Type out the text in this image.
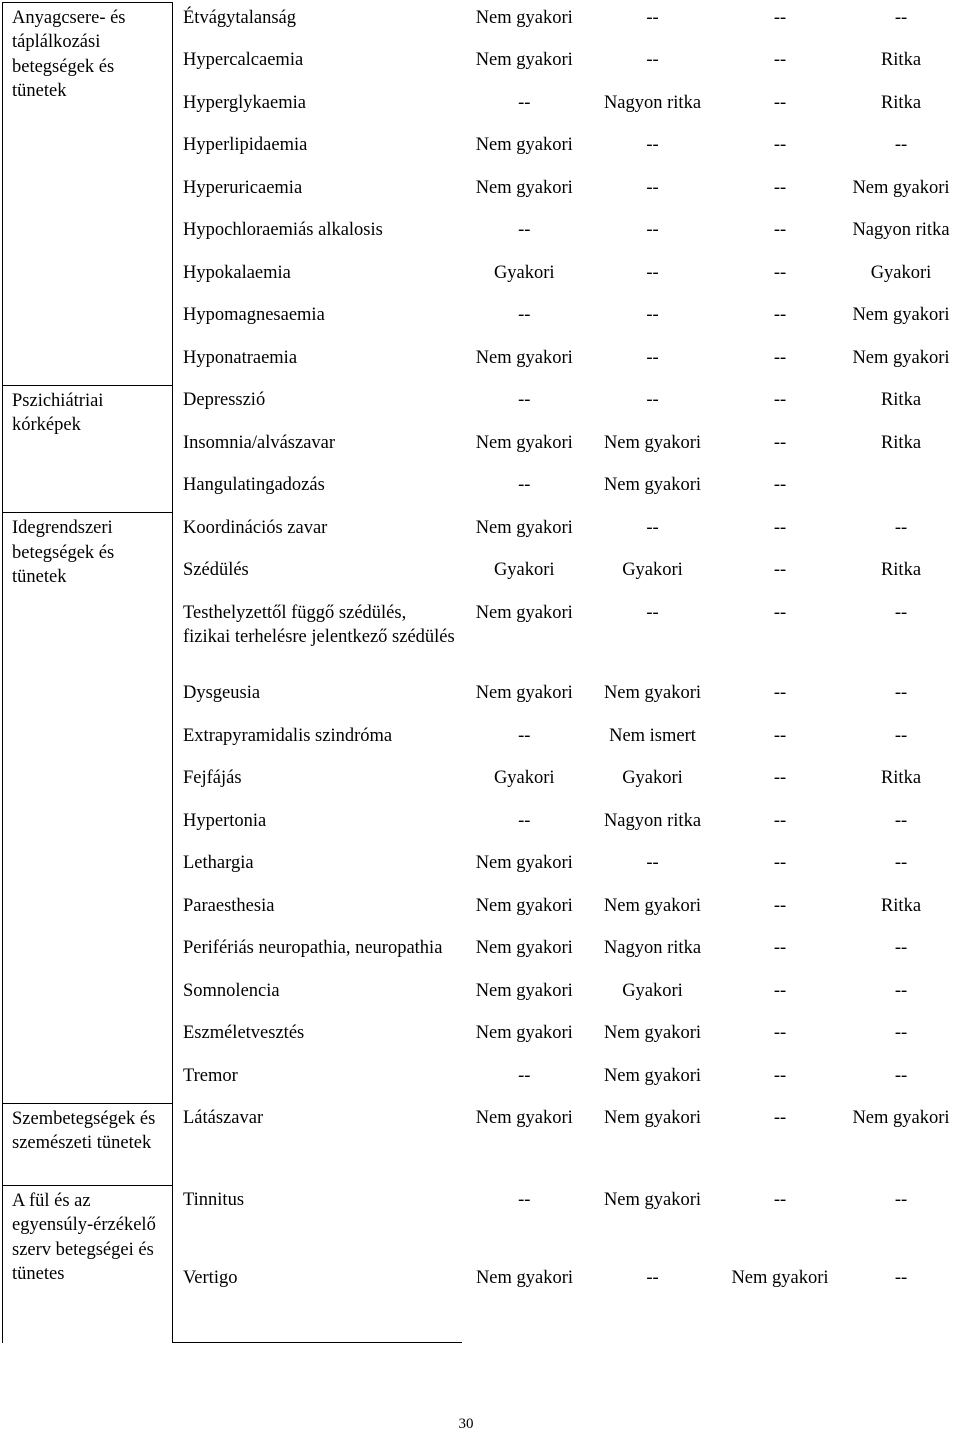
Anyagcsere- és táplálkozási betegségek és tünetek	Étvágytalanság	Nem gyakori	--	--	--
	Hypercalcaemia	Nem gyakori	--	--	Ritka
	Hyperglykaemia	--	Nagyon ritka	--	Ritka
	Hyperlipidaemia	Nem gyakori	--	--	--
	Hyperuricaemia	Nem gyakori	--	--	Nem gyakori
	Hypochloraemiás alkalosis	--	--	--	Nagyon ritka
	Hypokalaemia	Gyakori	--	--	Gyakori
	Hypomagnesaemia	--	--	--	Nem gyakori
	Hyponatraemia	Nem gyakori	--	--	Nem gyakori
Pszichiátriai kórképek	Depresszió	--	--	--	Ritka
	Insomnia/alvászavar	Nem gyakori	Nem gyakori	--	Ritka
	Hangulatingadozás	--	Nem gyakori	--	
Idegrendszeri betegségek és tünetek	Koordinációs zavar	Nem gyakori	--	--	--
	Szédülés	Gyakori	Gyakori	--	Ritka
	Testhelyzettől függő szédülés, fizikai terhelésre jelentkező szédülés	Nem gyakori	--	--	--
	Dysgeusia	Nem gyakori	Nem gyakori	--	--
	Extrapyramidalis szindróma	--	Nem ismert	--	--
	Fejfájás	Gyakori	Gyakori	--	Ritka
	Hypertonia	--	Nagyon ritka	--	--
	Lethargia	Nem gyakori	--	--	--
	Paraesthesia	Nem gyakori	Nem gyakori	--	Ritka
	Perifériás neuropathia, neuropathia	Nem gyakori	Nagyon ritka	--	--
	Somnolencia	Nem gyakori	Gyakori	--	--
	Eszméletvesztés	Nem gyakori	Nem gyakori	--	--
	Tremor	--	Nem gyakori	--	--
Szembetegségek és szemészeti tünetek	Látászavar	Nem gyakori	Nem gyakori	--	Nem gyakori
A fül és az egyensúly-érzékelő szerv betegségei és tünetes	Tinnitus	--	Nem gyakori	--	--
	Vertigo	Nem gyakori	--	Nem gyakori	--
30
